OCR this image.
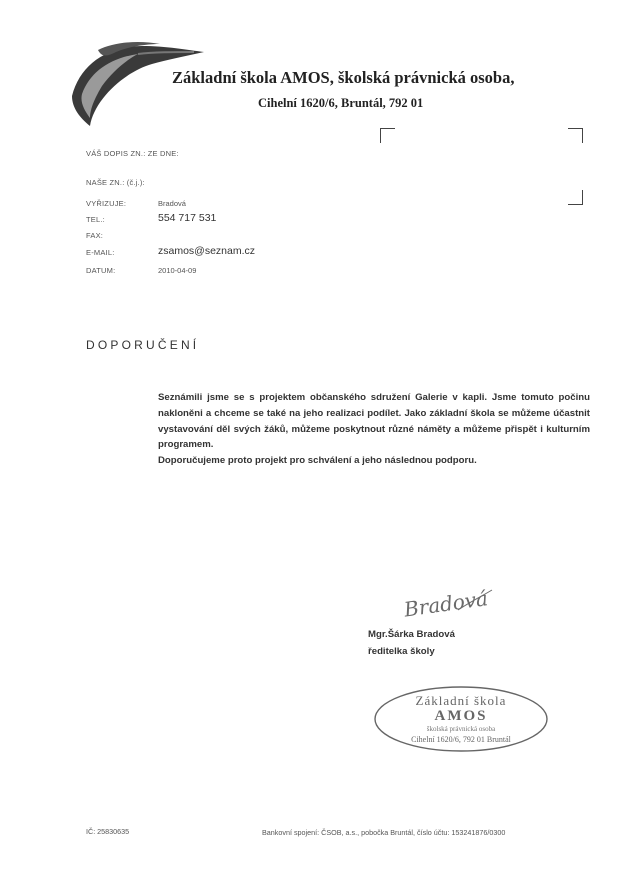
Základní škola AMOS, školská právnická osoba,
Cihelní 1620/6, Bruntál, 792 01
VÁŠ DOPIS ZN.: ZE DNE:
NAŠE ZN.: (č.j.):
VYŘIZUJE:	Bradová
TEL.:	554 717 531
FAX:
E-MAIL:	zsamos@seznam.cz
DATUM:	2010-04-09
DOPORUČENÍ

Seznámili jsme se s projektem občanského sdružení Galerie v kapli. Jsme tomuto počinu nakloněni a chceme se také na jeho realizaci podílet. Jako základní škola se můžeme účastnit vystavování děl svých žáků, můžeme poskytnout různé náměty a můžeme přispět i kulturním programem.

Doporučujeme proto projekt pro schválení a jeho následnou podporu.

Bradová
Mgr.Šárka Bradová
ředitelka školy
Základní škola
AMOS
školská právnická osoba
Cihelní 1620/6, 792 01 Bruntál
IČ: 25830635	Bankovní spojení: ČSOB, a.s., pobočka Bruntál, číslo účtu: 153241876/0300
